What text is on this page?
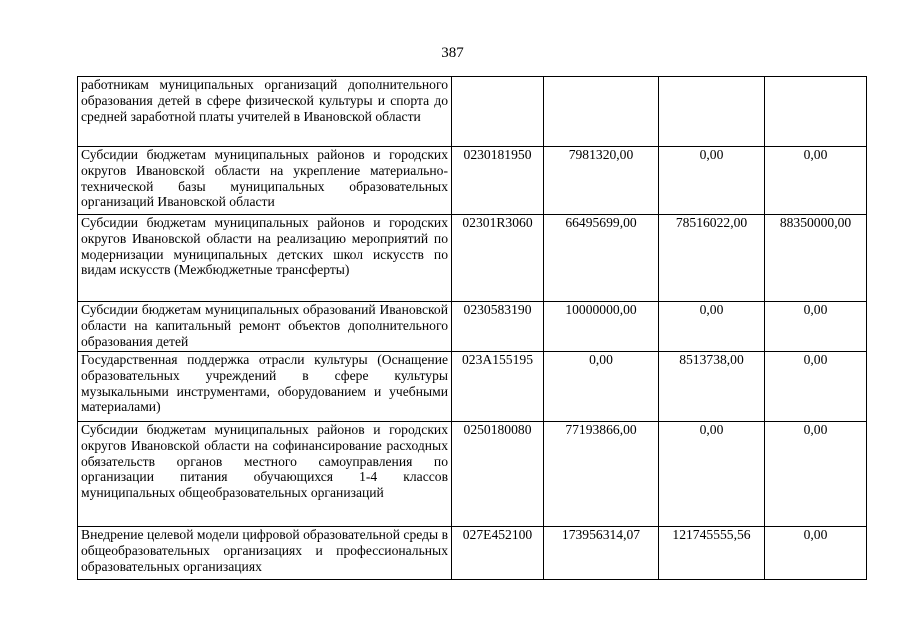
387
работникам муниципальных организаций дополнительного образования детей в сфере физической культуры и спорта до средней заработной платы учителей в Ивановской области				
Субсидии бюджетам муниципальных районов и городских округов Ивановской области на укрепление материально-технической базы муниципальных образовательных организаций Ивановской области	0230181950	7981320,00	0,00	0,00
Субсидии бюджетам муниципальных районов и городских округов Ивановской области на реализацию мероприятий по модернизации муниципальных детских школ искусств по видам искусств (Межбюджетные трансферты)	02301R3060	66495699,00	78516022,00	88350000,00
Субсидии бюджетам муниципальных образований Ивановской области на капитальный ремонт объектов дополнительного образования детей	0230583190	10000000,00	0,00	0,00
Государственная поддержка отрасли культуры (Оснащение образовательных учреждений в сфере культуры музыкальными инструментами, оборудованием и учебными материалами)	023A155195	0,00	8513738,00	0,00
Субсидии бюджетам муниципальных районов и городских округов Ивановской области на софинансирование расходных обязательств органов местного самоуправления по организации питания обучающихся 1-4 классов муниципальных общеобразовательных организаций	0250180080	77193866,00	0,00	0,00
Внедрение целевой модели цифровой образовательной среды в общеобразовательных организациях и профессиональных образовательных организациях	027E452100	173956314,07	121745555,56	0,00
